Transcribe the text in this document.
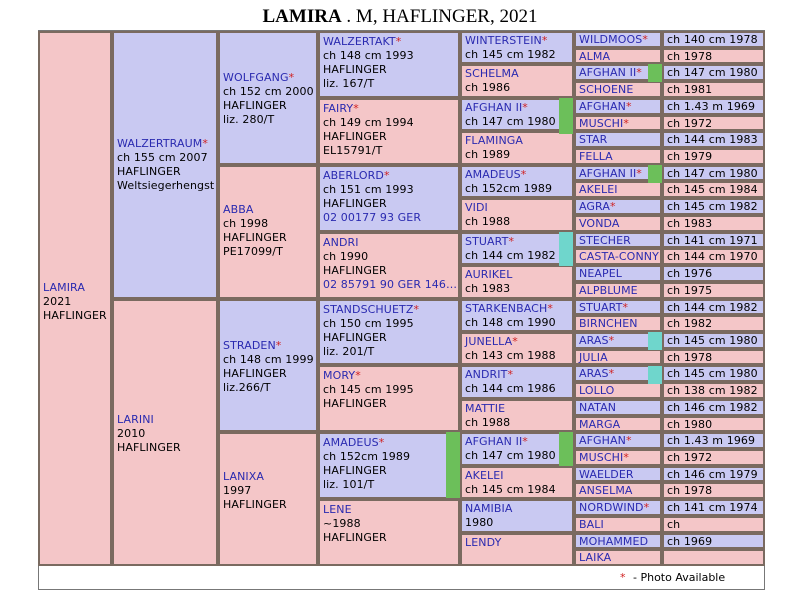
LAMIRA . M, HAFLINGER, 2021
LAMIRA
2021
HAFLINGER
WALZERTRAUM*
ch 155 cm 2007
HAFLINGER
Weltsiegerhengst
LARINI
2010
HAFLINGER
WOLFGANG*
ch 152 cm 2000
HAFLINGER
liz. 280/T
ABBA
ch 1998
HAFLINGER
PE17099/T
STRADEN*
ch 148 cm 1999
HAFLINGER
liz.266/T
LANIXA
1997
HAFLINGER
WALZERTAKT*
ch 148 cm 1993
HAFLINGER
liz. 167/T
FAIRY*
ch 149 cm 1994
HAFLINGER
EL15791/T
ABERLORD*
ch 151 cm 1993
HAFLINGER
02 00177 93 GER
ANDRI
ch 1990
HAFLINGER
02 85791 90 GER 146…
STANDSCHUETZ*
ch 150 cm 1995
HAFLINGER
liz. 201/T
MORY*
ch 145 cm 1995
HAFLINGER
AMADEUS*
ch 152cm 1989
HAFLINGER
liz. 101/T
LENE
~1988
HAFLINGER
WINTERSTEIN*
ch 145 cm 1982
SCHELMA
ch 1986
AFGHAN II*
ch 147 cm 1980
FLAMINGA
ch 1989
AMADEUS*
ch 152cm 1989
VIDI
ch 1988
STUART*
ch 144 cm 1982
AURIKEL
ch 1983
STARKENBACH*
ch 148 cm 1990
JUNELLA*
ch 143 cm 1988
ANDRIT*
ch 144 cm 1986
MATTIE
ch 1988
AFGHAN II*
ch 147 cm 1980
AKELEI
ch 145 cm 1984
NAMIBIA
1980
LENDY
WILDMOOS*	ch 140 cm 1978
ALMA	ch 1978
AFGHAN II*	ch 147 cm 1980
SCHOENE	ch 1981
AFGHAN*	ch 1.43 m 1969
MUSCHI*	ch 1972
STAR	ch 144 cm 1983
FELLA	ch 1979
AFGHAN II*	ch 147 cm 1980
AKELEI	ch 145 cm 1984
AGRA*	ch 145 cm 1982
VONDA	ch 1983
STECHER	ch 141 cm 1971
CASTA-CONNY ch 144 cm 1970
NEAPEL	ch 1976
ALPBLUME	ch 1975
STUART*	ch 144 cm 1982
BIRNCHEN	ch 1982
ARAS*	ch 145 cm 1980
JULIA	ch 1978
ARAS*	ch 145 cm 1980
LOLLO	ch 138 cm 1982
NATAN	ch 146 cm 1982
MARGA	ch 1980
AFGHAN*	ch 1.43 m 1969
MUSCHI*	ch 1972
WAELDER	ch 146 cm 1979
ANSELMA	ch 1978
NORDWIND*	ch 141 cm 1974
BALI	ch
MOHAMMED	ch 1969
LAIKA
* - Photo Available
